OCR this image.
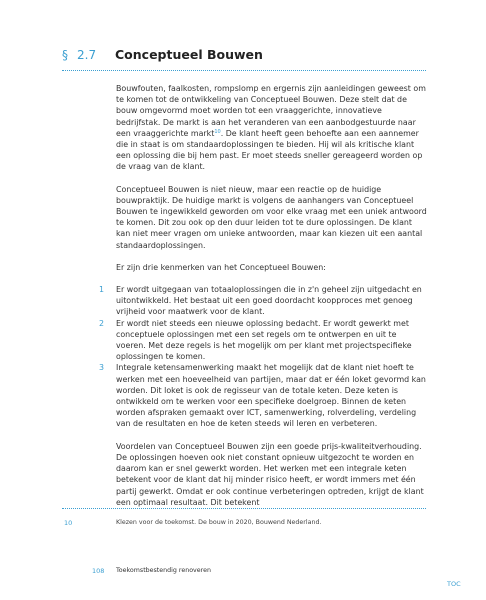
§ 2.7	Conceptueel Bouwen

Bouwfouten, faalkosten, rompslomp en ergernis zijn aanleidingen geweest om te komen tot de ontwikkeling van Conceptueel Bouwen. Deze stelt dat de bouw omgevormd moet worden tot een vraaggerichte, innovatieve bedrijfstak. De markt is aan het veranderen van een aanbodgestuurde naar een vraaggerichte markt$^{10}$. De klant heeft geen behoefte aan een aannemer die in staat is om standaardoplossingen te bieden. Hij wil als kritische klant een oplossing die bij hem past. Er moet steeds sneller gereageerd worden op de vraag van de klant.

Conceptueel Bouwen is niet nieuw, maar een reactie op de huidige bouwpraktijk. De huidige markt is volgens de aanhangers van Conceptueel Bouwen te ingewikkeld geworden om voor elke vraag met een uniek antwoord te komen. Dit zou ook op den duur leiden tot te dure oplossingen. De klant kan niet meer vragen om unieke antwoorden, maar kan kiezen uit een aantal standaardoplossingen.

Er zijn drie kenmerken van het Conceptueel Bouwen:

1 Er wordt uitgegaan van totaaloplossingen die in z'n geheel zijn uitgedacht en uitontwikkeld. Het bestaat uit een goed doordacht koopproces met genoeg vrijheid voor maatwerk voor de klant.
2 Er wordt niet steeds een nieuwe oplossing bedacht. Er wordt gewerkt met conceptuele oplossingen met een set regels om te ontwerpen en uit te voeren. Met deze regels is het mogelijk om per klant met projectspecifieke oplossingen te komen.
3 Integrale ketensamenwerking maakt het mogelijk dat de klant niet hoeft te werken met een hoeveelheid van partijen, maar dat er één loket gevormd kan worden. Dit loket is ook de regisseur van de totale keten. Deze keten is ontwikkeld om te werken voor een specifieke doelgroep. Binnen de keten worden afspraken gemaakt over ICT, samenwerking, rolverdeling, verdeling van de resultaten en hoe de keten steeds wil leren en verbeteren.

Voordelen van Conceptueel Bouwen zijn een goede prijs-kwaliteitverhouding. De oplossingen hoeven ook niet constant opnieuw uitgezocht te worden en daarom kan er snel gewerkt worden. Het werken met een integrale keten betekent voor de klant dat hij minder risico heeft, er wordt immers met één partij gewerkt. Omdat er ook continue verbeteringen optreden, krijgt de klant een optimaal resultaat. Dit betekent

10	Klezen voor de toekomst. De bouw in 2020, Bouwend Nederland.
108 Toekomstbestendig renoveren
TOC
